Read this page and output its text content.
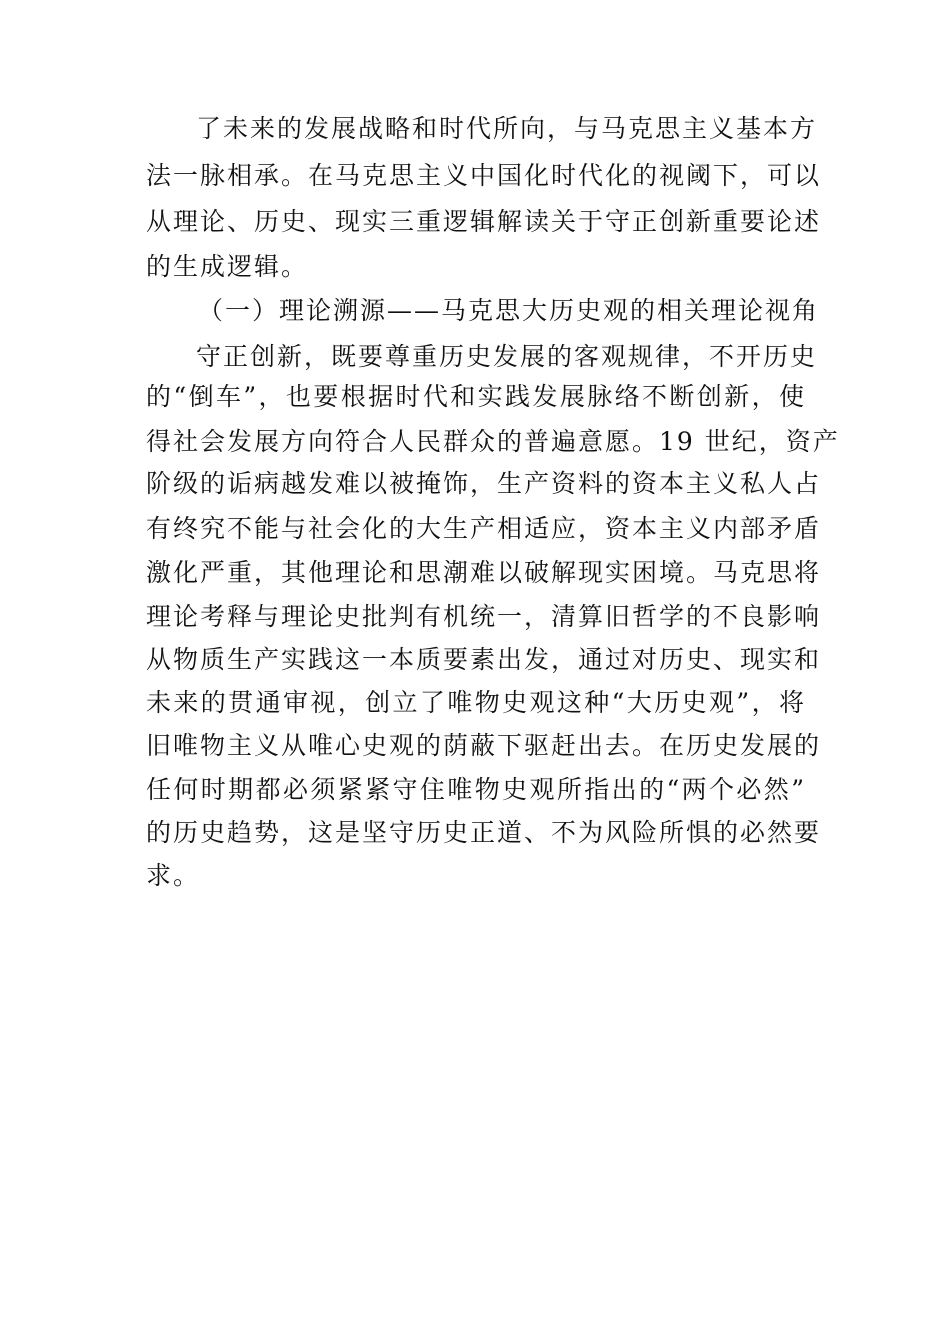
了未来的发展战略和时代所向，与马克思主义基本方
法一脉相承。在马克思主义中国化时代化的视阈下，可以
从理论、历史、现实三重逻辑解读关于守正创新重要论述
的生成逻辑。
（一）理论溯源——马克思大历史观的相关理论视角
守正创新，既要尊重历史发展的客观规律，不开历史
的“倒车”，也要根据时代和实践发展脉络不断创新，使
得社会发展方向符合人民群众的普遍意愿。19 世纪，资产
阶级的诟病越发难以被掩饰，生产资料的资本主义私人占
有终究不能与社会化的大生产相适应，资本主义内部矛盾
激化严重，其他理论和思潮难以破解现实困境。马克思将
理论考释与理论史批判有机统一，清算旧哲学的不良影响
从物质生产实践这一本质要素出发，通过对历史、现实和
未来的贯通审视，创立了唯物史观这种“大历史观”，将
旧唯物主义从唯心史观的荫蔽下驱赶出去。在历史发展的
任何时期都必须紧紧守住唯物史观所指出的“两个必然”
的历史趋势，这是坚守历史正道、不为风险所惧的必然要
求。
